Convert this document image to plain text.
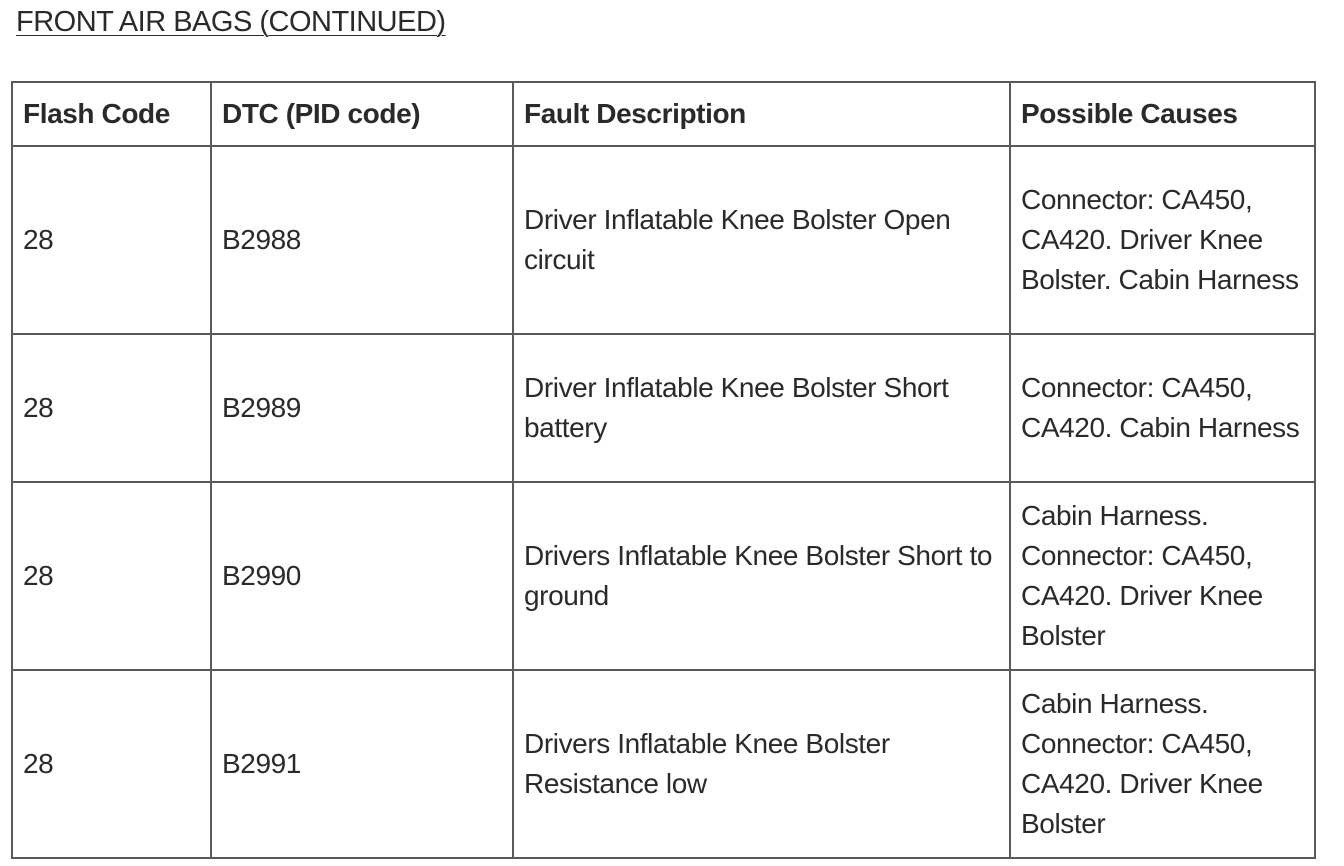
FRONT AIR BAGS (CONTINUED)
Flash Code	DTC (PID code)	Fault Description	Possible Causes
28	B2988	Driver Inflatable Knee Bolster Open circuit	Connector: CA450, CA420. Driver Knee Bolster. Cabin Harness
28	B2989	Driver Inflatable Knee Bolster Short battery	Connector: CA450, CA420. Cabin Harness
28	B2990	Drivers Inflatable Knee Bolster Short to ground	Cabin Harness. Connector: CA450, CA420. Driver Knee Bolster
28	B2991	Drivers Inflatable Knee Bolster Resistance low	Cabin Harness. Connector: CA450, CA420. Driver Knee Bolster
